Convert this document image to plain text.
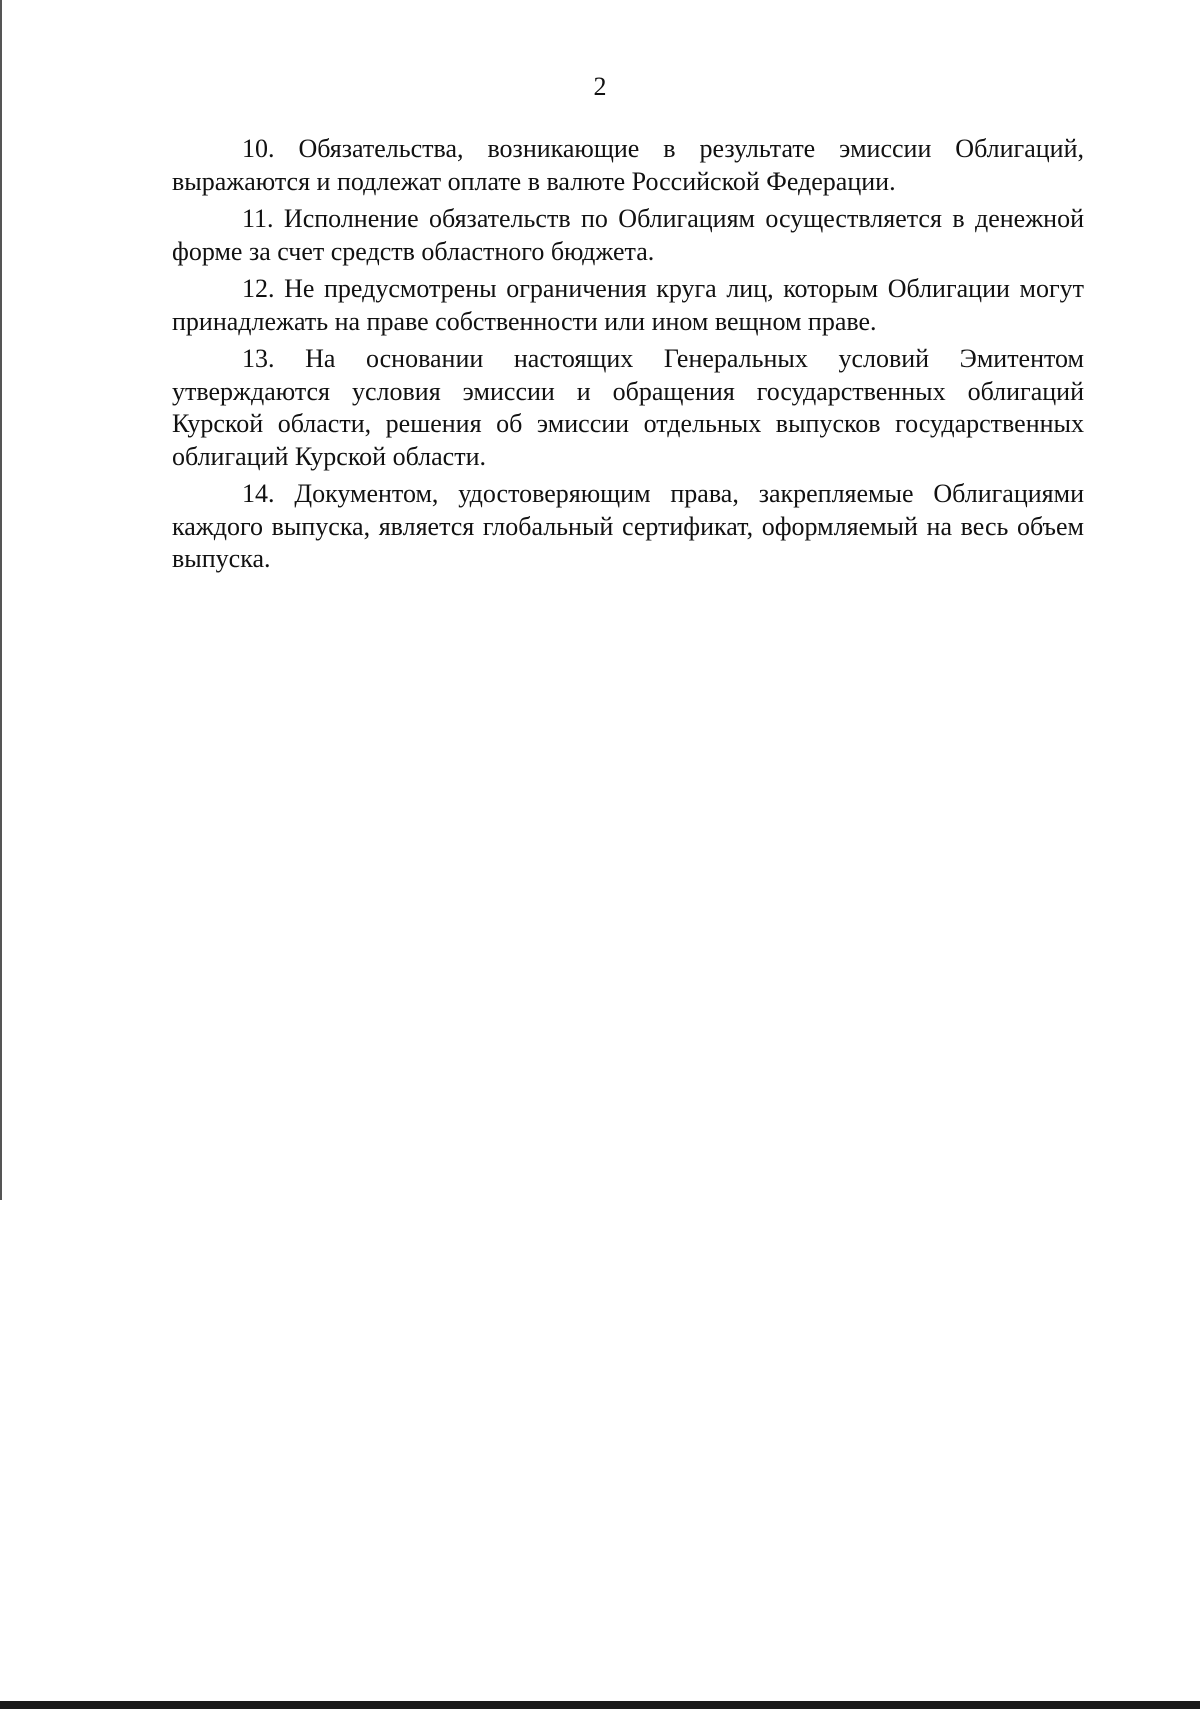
2

10. Обязательства, возникающие в результате эмиссии Облигаций, выражаются и подлежат оплате в валюте Российской Федерации.

11. Исполнение обязательств по Облигациям осуществляется в денежной форме за счет средств областного бюджета.

12. Не предусмотрены ограничения круга лиц, которым Облигации могут принадлежать на праве собственности или ином вещном праве.

13. На основании настоящих Генеральных условий Эмитентом утверждаются условия эмиссии и обращения государственных облигаций Курской области, решения об эмиссии отдельных выпусков государственных облигаций Курской области.

14. Документом, удостоверяющим права, закрепляемые Облигациями каждого выпуска, является глобальный сертификат, оформляемый на весь объем выпуска.
